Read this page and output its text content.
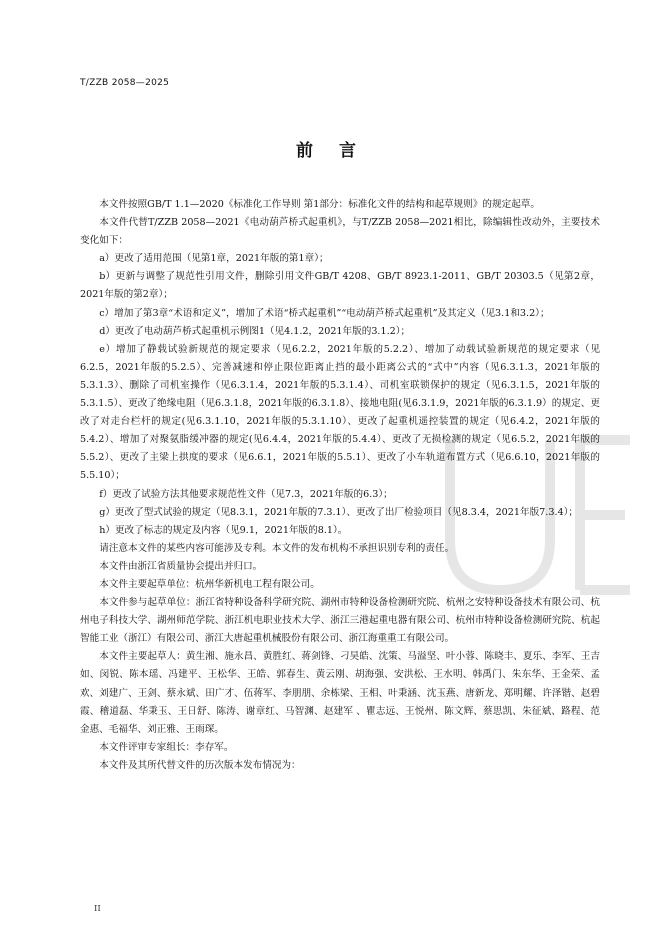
T/ZZB 2058—2025
前 言

本文件按照GB/T 1.1—2020《标准化工作导则 第1部分：标准化文件的结构和起草规则》的规定起草。

本文件代替T/ZZB 2058—2021《电动葫芦桥式起重机》，与T/ZZB 2058—2021相比，除编辑性改动外，主要技术变化如下：

a）更改了适用范围（见第1章，2021年版的第1章）；

b）更新与调整了规范性引用文件，删除引用文件GB/T 4208、GB/T 8923.1-2011、GB/T 20303.5（见第2章，2021年版的第2章）；

c）增加了第3章“术语和定义”，增加了术语“桥式起重机”“电动葫芦桥式起重机”及其定义（见3.1和3.2）；

d）更改了电动葫芦桥式起重机示例图1（见4.1.2，2021年版的3.1.2）；

e）增加了静载试验新规范的规定要求（见6.2.2，2021年版的5.2.2）、增加了动载试验新规范的规定要求（见6.2.5，2021年版的5.2.5）、完善减速和停止限位距离止挡的最小距离公式的“式中”内容（见6.3.1.3，2021年版的5.3.1.3）、删除了司机室操作（见6.3.1.4，2021年版的5.3.1.4）、司机室联锁保护的规定（见6.3.1.5，2021年版的5.3.1.5）、更改了绝缘电阻（见6.3.1.8，2021年版的6.3.1.8）、接地电阻(见6.3.1.9，2021年版的6.3.1.9）的规定、更改了对走台栏杆的规定(见6.3.1.10，2021年版的5.3.1.10）、更改了起重机遥控装置的规定（见6.4.2，2021年版的5.4.2）、增加了对聚氨脂缓冲器的规定(见6.4.4，2021年版的5.4.4）、更改了无损检测的规定（见6.5.2，2021年版的5.5.2）、更改了主梁上拱度的要求（见6.6.1，2021年版的5.5.1）、更改了小车轨道布置方式（见6.6.10，2021年版的5.5.10）；

f）更改了试验方法其他要求规范性文件（见7.3，2021年版的6.3）；

g）更改了型式试验的规定（见8.3.1，2021年版的7.3.1）、更改了出厂检验项目（见8.3.4，2021年版7.3.4）；

h）更改了标志的规定及内容（见9.1，2021年版的8.1）。

请注意本文件的某些内容可能涉及专利。本文件的发布机构不承担识别专利的责任。

本文件由浙江省质量协会提出并归口。

本文件主要起草单位：杭州华新机电工程有限公司。

本文件参与起草单位：浙江省特种设备科学研究院、湖州市特种设备检测研究院、杭州之安特种设备技术有限公司、杭州电子科技大学、湖州师范学院、浙江机电职业技术大学、浙江三港起重电器有限公司、杭州市特种设备检测研究院、杭起智能工业（浙江）有限公司、浙江大唐起重机械股份有限公司、浙江海重重工有限公司。

本文件主要起草人：黄生湘、施永昌、黄胜红、蒋剑锋、刁昊皓、沈策、马溢坚、叶小蓉、陈晓丰、夏乐、李军、王吉如、闵锐、陈本瑶、冯建平、王松华、王皓、郭春生、黄云刚、胡海强、安洪松、王水明、韩禹门、朱东华、王金荣、孟欢、刘建广、王剑、蔡永斌、田广才、伍蒋军、李朋朋、余栋梁、王相、叶秉涵、沈玉燕、唐新龙、郑明耀、许泽锴、赵碧霞、稽道磊、华秉玉、王日舒、陈涛、谢章红、马智渊、赵建军 、瞿志远、王悦州、陈文辉、蔡思凯、朱征斌、路程、范金惠、毛福华、刘正雅、王雨琛。

本文件评审专家组长：李存军。

本文件及其所代替文件的历次版本发布情况为：

II
